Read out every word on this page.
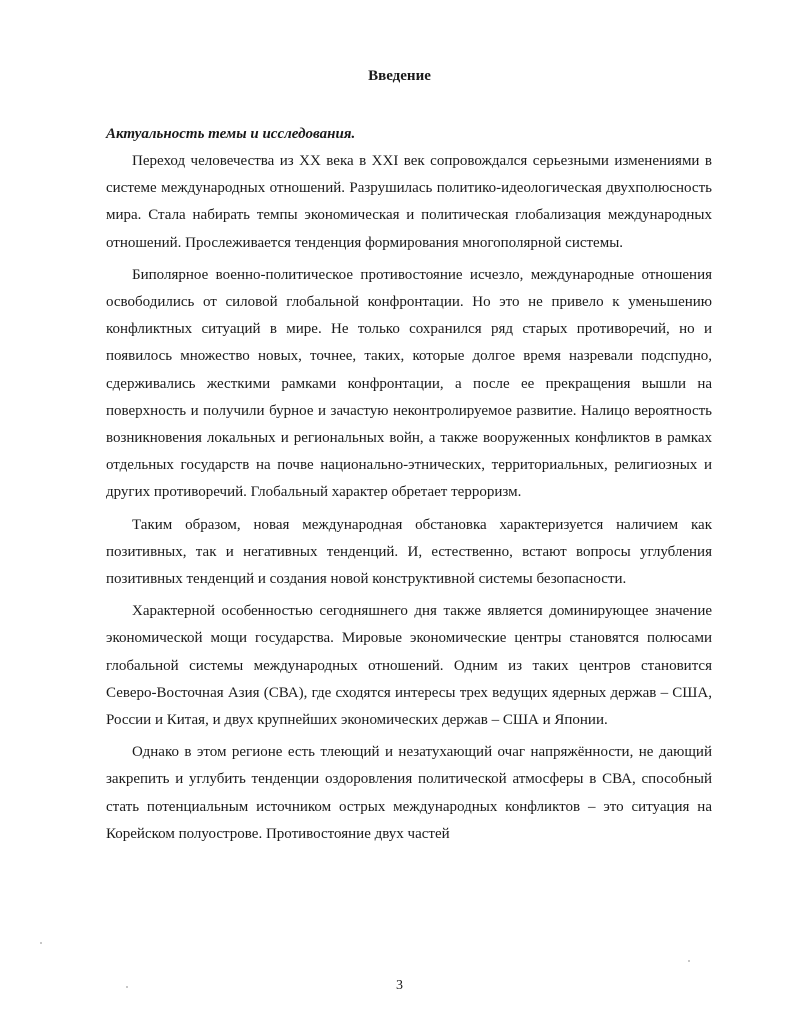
Введение
Актуальность темы и исследования.

Переход человечества из XX века в XXI век сопровождался серьезными изменениями в системе международных отношений. Разрушилась политико-идеологическая двухполюсность мира. Стала набирать темпы экономическая и политическая глобализация международных отношений. Прослеживается тенденция формирования многополярной системы.

Биполярное военно-политическое противостояние исчезло, международные отношения освободились от силовой глобальной конфронтации. Но это не привело к уменьшению конфликтных ситуаций в мире. Не только сохранился ряд старых противоречий, но и появилось множество новых, точнее, таких, которые долгое время назревали подспудно, сдерживались жесткими рамками конфронтации, а после ее прекращения вышли на поверхность и получили бурное и зачастую неконтролируемое развитие. Налицо вероятность возникновения локальных и региональных войн, а также вооруженных конфликтов в рамках отдельных государств на почве национально-этнических, территориальных, религиозных и других противоречий. Глобальный характер обретает терроризм.

Таким образом, новая международная обстановка характеризуется наличием как позитивных, так и негативных тенденций. И, естественно, встают вопросы углубления позитивных тенденций и создания новой конструктивной системы безопасности.

Характерной особенностью сегодняшнего дня также является доминирующее значение экономической мощи государства. Мировые экономические центры становятся полюсами глобальной системы международных отношений. Одним из таких центров становится Северо-Восточная Азия (СВА), где сходятся интересы трех ведущих ядерных держав – США, России и Китая, и двух крупнейших экономических держав – США и Японии.

Однако в этом регионе есть тлеющий и незатухающий очаг напряжённости, не дающий закрепить и углубить тенденции оздоровления политической атмосферы в СВА, способный стать потенциальным источником острых международных конфликтов – это ситуация на Корейском полуострове. Противостояние двух частей

3
